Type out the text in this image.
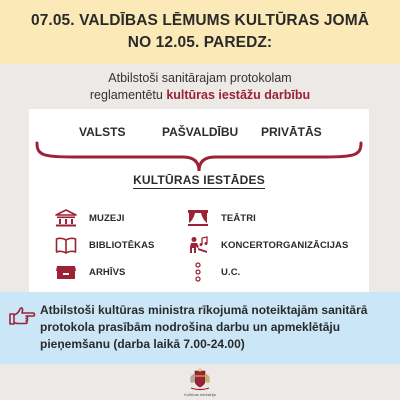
07.05. VALDĪBAS LĒMUMS KULTŪRAS JOMĀ
NO 12.05. PAREDZ:
Atbilstoši sanitārajam protokolam
reglamentētu kultūras iestāžu darbību
VALSTS	PAŠVALDĪBU PRIVĀTĀS
KULTŪRAS IESTĀDES
MUZEJI
BIBLIOTĒKAS
ARHĪVS
TEĀTRI
KONCERTORGANIZĀCIJAS
U.C.
Atbilstoši kultūras ministra rīkojumā noteiktajām sanitārā protokola prasībām nodrošina darbu un apmeklētāju pieņemšanu (darba laikā 7.00-24.00)
Kultūras ministrija
